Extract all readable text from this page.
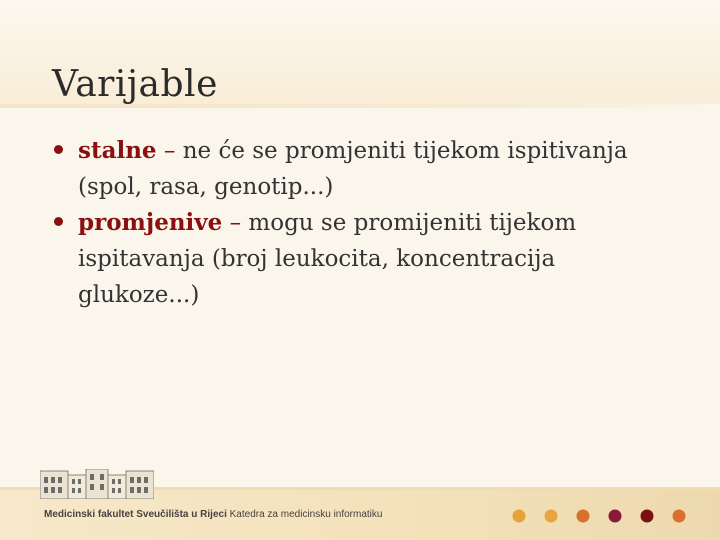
Varijable
stalne – ne će se promjeniti tijekom ispitivanja (spol, rasa, genotip...)
promjenive – mogu se promijeniti tijekom ispitavanja (broj leukocita, koncentracija glukoze...)
Medicinski fakultet Sveučilišta u Rijeci Katedra za medicinsku informatiku
